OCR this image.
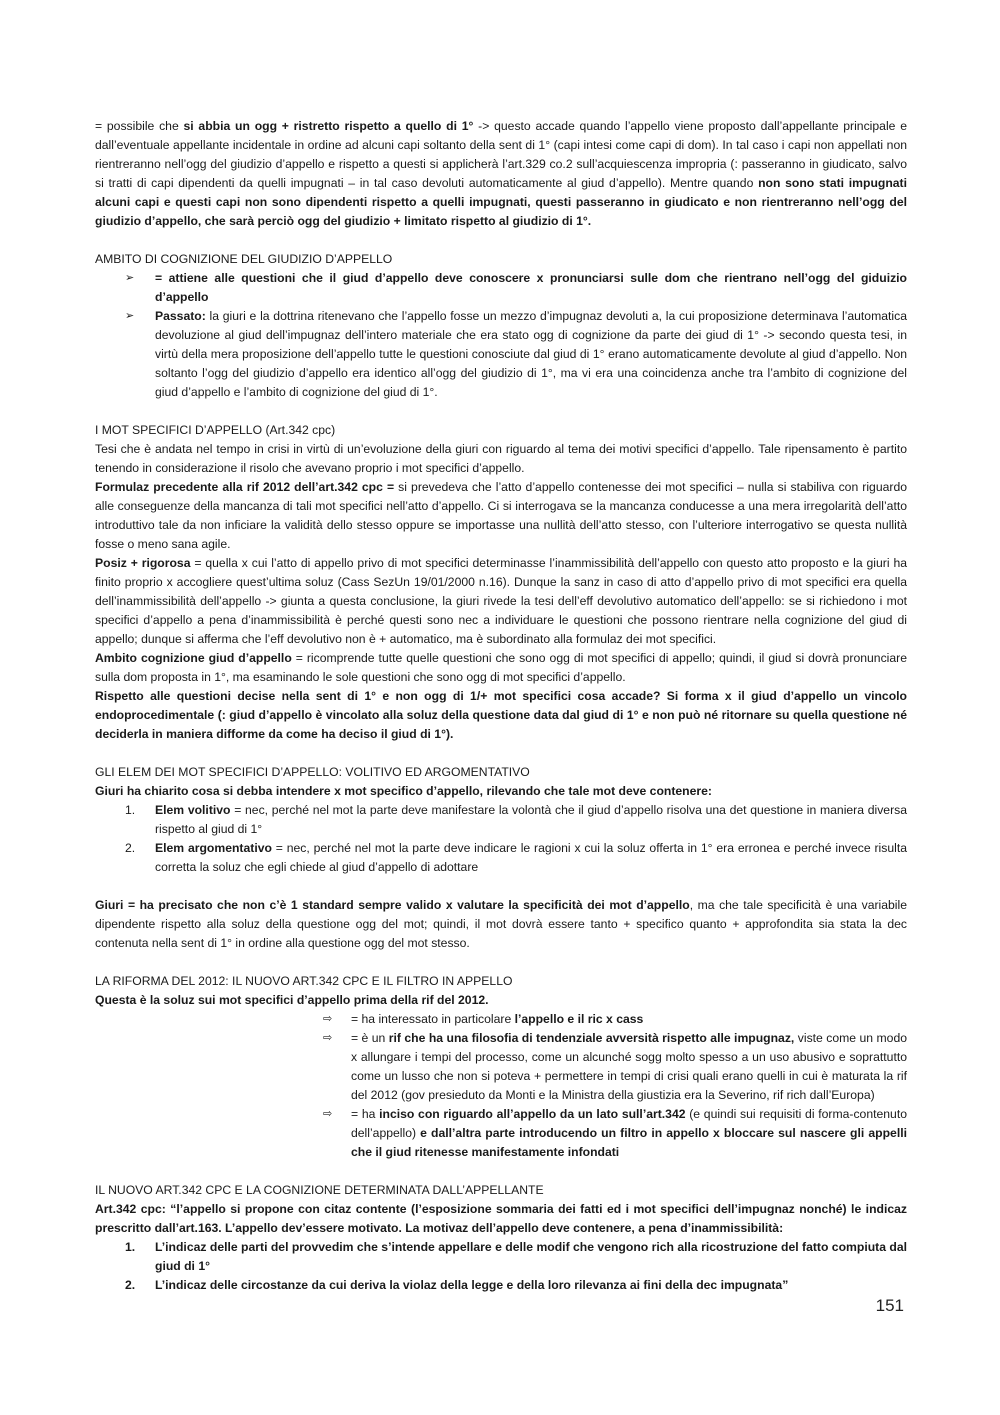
= possibile che si abbia un ogg + ristretto rispetto a quello di 1° -> questo accade quando l’appello viene proposto dall’appellante principale e dall’eventuale appellante incidentale in ordine ad alcuni capi soltanto della sent di 1° (capi intesi come capi di dom). In tal caso i capi non appellati non rientreranno nell’ogg del giudizio d’appello e rispetto a questi si applicherà l’art.329 co.2 sull’acquiescenza impropria (: passeranno in giudicato, salvo si tratti di capi dipendenti da quelli impugnati – in tal caso devoluti automaticamente al giud d’appello). Mentre quando non sono stati impugnati alcuni capi e questi capi non sono dipendenti rispetto a quelli impugnati, questi passeranno in giudicato e non rientreranno nell’ogg del giudizio d’appello, che sarà perciò ogg del giudizio + limitato rispetto al giudizio di 1°.

AMBITO DI COGNIZIONE DEL GIUDIZIO D’APPELLO

➢ = attiene alle questioni che il giud d’appello deve conoscere x pronunciarsi sulle dom che rientrano nell’ogg del giduizio d’appello
➢ Passato: la giuri e la dottrina ritenevano che l’appello fosse un mezzo d’impugnaz devoluti a, la cui proposizione determinava l’automatica devoluzione al giud dell’impugnaz dell’intero materiale che era stato ogg di cognizione da parte dei giud di 1° -> secondo questa tesi, in virtù della mera proposizione dell’appello tutte le questioni conosciute dal giud di 1° erano automaticamente devolute al giud d’appello. Non soltanto l’ogg del giudizio d’appello era identico all’ogg del giudizio di 1°, ma vi era una coincidenza anche tra l’ambito di cognizione del giud d’appello e l’ambito di cognizione del giud di 1°.

I MOT SPECIFICI D’APPELLO (Art.342 cpc)

Tesi che è andata nel tempo in crisi in virtù di un’evoluzione della giuri con riguardo al tema dei motivi specifici d’appello. Tale ripensamento è partito tenendo in considerazione il risolo che avevano proprio i mot specifici d’appello.

Formulaz precedente alla rif 2012 dell’art.342 cpc = si prevedeva che l’atto d’appello contenesse dei mot specifici – nulla si stabiliva con riguardo alle conseguenze della mancanza di tali mot specifici nell’atto d’appello. Ci si interrogava se la mancanza conducesse a una mera irregolarità dell’atto introduttivo tale da non inficiare la validità dello stesso oppure se importasse una nullità dell’atto stesso, con l’ulteriore interrogativo se questa nullità fosse o meno sana agile.

Posiz + rigorosa = quella x cui l’atto di appello privo di mot specifici determinasse l’inammissibilità dell’appello con questo atto proposto e la giuri ha finito proprio x accogliere quest’ultima soluz (Cass SezUn 19/01/2000 n.16). Dunque la sanz in caso di atto d’appello privo di mot specifici era quella dell’inammissibilità dell’appello -> giunta a questa conclusione, la giuri rivede la tesi dell’eff devolutivo automatico dell’appello: se si richiedono i mot specifici d’appello a pena d’inammissibilità è perché questi sono nec a individuare le questioni che possono rientrare nella cognizione del giud di appello; dunque si afferma che l’eff devolutivo non è + automatico, ma è subordinato alla formulaz dei mot specifici.

Ambito cognizione giud d’appello = ricomprende tutte quelle questioni che sono ogg di mot specifici di appello; quindi, il giud si dovrà pronunciare sulla dom proposta in 1°, ma esaminando le sole questioni che sono ogg di mot specifici d’appello.

Rispetto alle questioni decise nella sent di 1° e non ogg di 1/+ mot specifici cosa accade? Si forma x il giud d’appello un vincolo endoprocedimentale (: giud d’appello è vincolato alla soluz della questione data dal giud di 1° e non può né ritornare su quella questione né deciderla in maniera difforme da come ha deciso il giud di 1°).

GLI ELEM DEI MOT SPECIFICI D’APPELLO: VOLITIVO ED ARGOMENTATIVO

Giuri ha chiarito cosa si debba intendere x mot specifico d’appello, rilevando che tale mot deve contenere:

1. Elem volitivo = nec, perché nel mot la parte deve manifestare la volontà che il giud d’appello risolva una det questione in maniera diversa rispetto al giud di 1°
2. Elem argomentativo = nec, perché nel mot la parte deve indicare le ragioni x cui la soluz offerta in 1° era erronea e perché invece risulta corretta la soluz che egli chiede al giud d’appello di adottare

Giuri = ha precisato che non c’è 1 standard sempre valido x valutare la specificità dei mot d’appello, ma che tale specificità è una variabile dipendente rispetto alla soluz della questione ogg del mot; quindi, il mot dovrà essere tanto + specifico quanto + approfondita sia stata la dec contenuta nella sent di 1° in ordine alla questione ogg del mot stesso.

LA RIFORMA DEL 2012: IL NUOVO ART.342 CPC E IL FILTRO IN APPELLO

Questa è la soluz sui mot specifici d’appello prima della rif del 2012.

⇨ = ha interessato in particolare l’appello e il ric x cass
⇨ = è un rif che ha una filosofia di tendenziale avversità rispetto alle impugnaz, viste come un modo x allungare i tempi del processo, come un alcunché sogg molto spesso a un uso abusivo e soprattutto come un lusso che non si poteva + permettere in tempi di crisi quali erano quelli in cui è maturata la rif del 2012 (gov presieduto da Monti e la Ministra della giustizia era la Severino, rif rich dall’Europa)
⇨ = ha inciso con riguardo all’appello da un lato sull’art.342 (e quindi sui requisiti di forma-contenuto dell’appello) e dall’altra parte introducendo un filtro in appello x bloccare sul nascere gli appelli che il giud ritenesse manifestamente infondati

IL NUOVO ART.342 CPC E LA COGNIZIONE DETERMINATA DALL’APPELLANTE

Art.342 cpc: “l’appello si propone con citaz contente (l’esposizione sommaria dei fatti ed i mot specifici dell’impugnaz nonché) le indicaz prescritto dall’art.163. L’appello dev’essere motivato. La motivaz dell’appello deve contenere, a pena d’inammissibilità:

1. L’indicaz delle parti del provvedim che s’intende appellare e delle modif che vengono rich alla ricostruzione del fatto compiuta dal giud di 1°
2. L’indicaz delle circostanze da cui deriva la violaz della legge e della loro rilevanza ai fini della dec impugnata”
151
